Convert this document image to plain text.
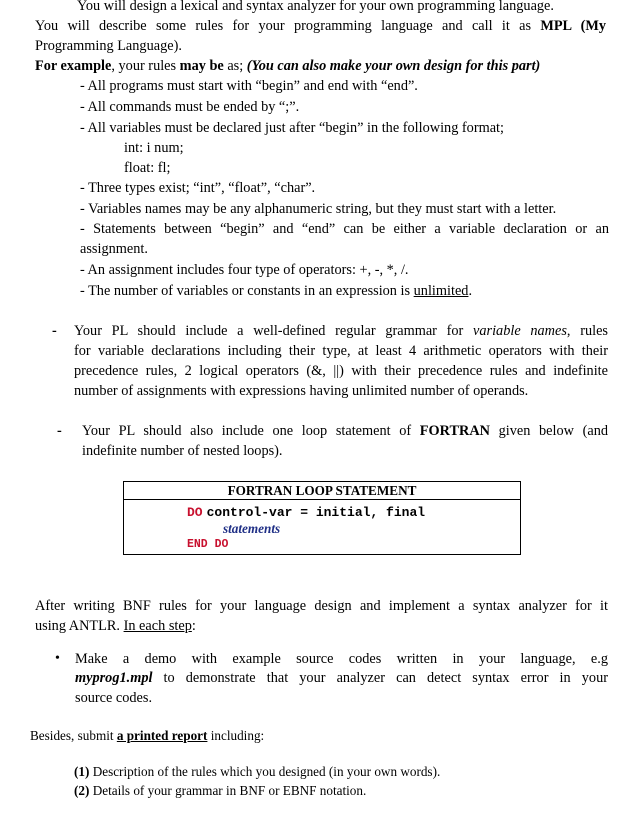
You will design a lexical and syntax analyzer for your own programming language.
You will describe some rules for your programming language and call it as MPL (My
Programming Language).
For example, your rules may be as; (You can also make your own design for this part)
- All programs must start with “begin” and end with “end”.
- All commands must be ended by “;”.
- All variables must be declared just after “begin” in the following format;
int: i num;
float: fl;
- Three types exist; “int”, “float”, “char”.
- Variables names may be any alphanumeric string, but they must start with a letter.
- Statements between “begin” and “end” can be either a variable declaration or an
assignment.
- An assignment includes four type of operators: +, -, *, /.
- The number of variables or constants in an expression is unlimited.
- Your PL should include a well-defined regular grammar for variable names, rules
for variable declarations including their type, at least 4 arithmetic operators with their
precedence rules, 2 logical operators (&, ||) with their precedence rules and indefinite
number of assignments with expressions having unlimited number of operands.
- Your PL should also include one loop statement of FORTRAN given below (and
indefinite number of nested loops).
FORTRAN LOOP STATEMENT
DO control-var = initial, final
statements
END DO
After writing BNF rules for your language design and implement a syntax analyzer for it
using ANTLR. In each step:
• Make a demo with example source codes written in your language, e.g
myprog1.mpl to demonstrate that your analyzer can detect syntax error in your
source codes.
Besides, submit a printed report including:
(1) Description of the rules which you designed (in your own words).
(2) Details of your grammar in BNF or EBNF notation.
